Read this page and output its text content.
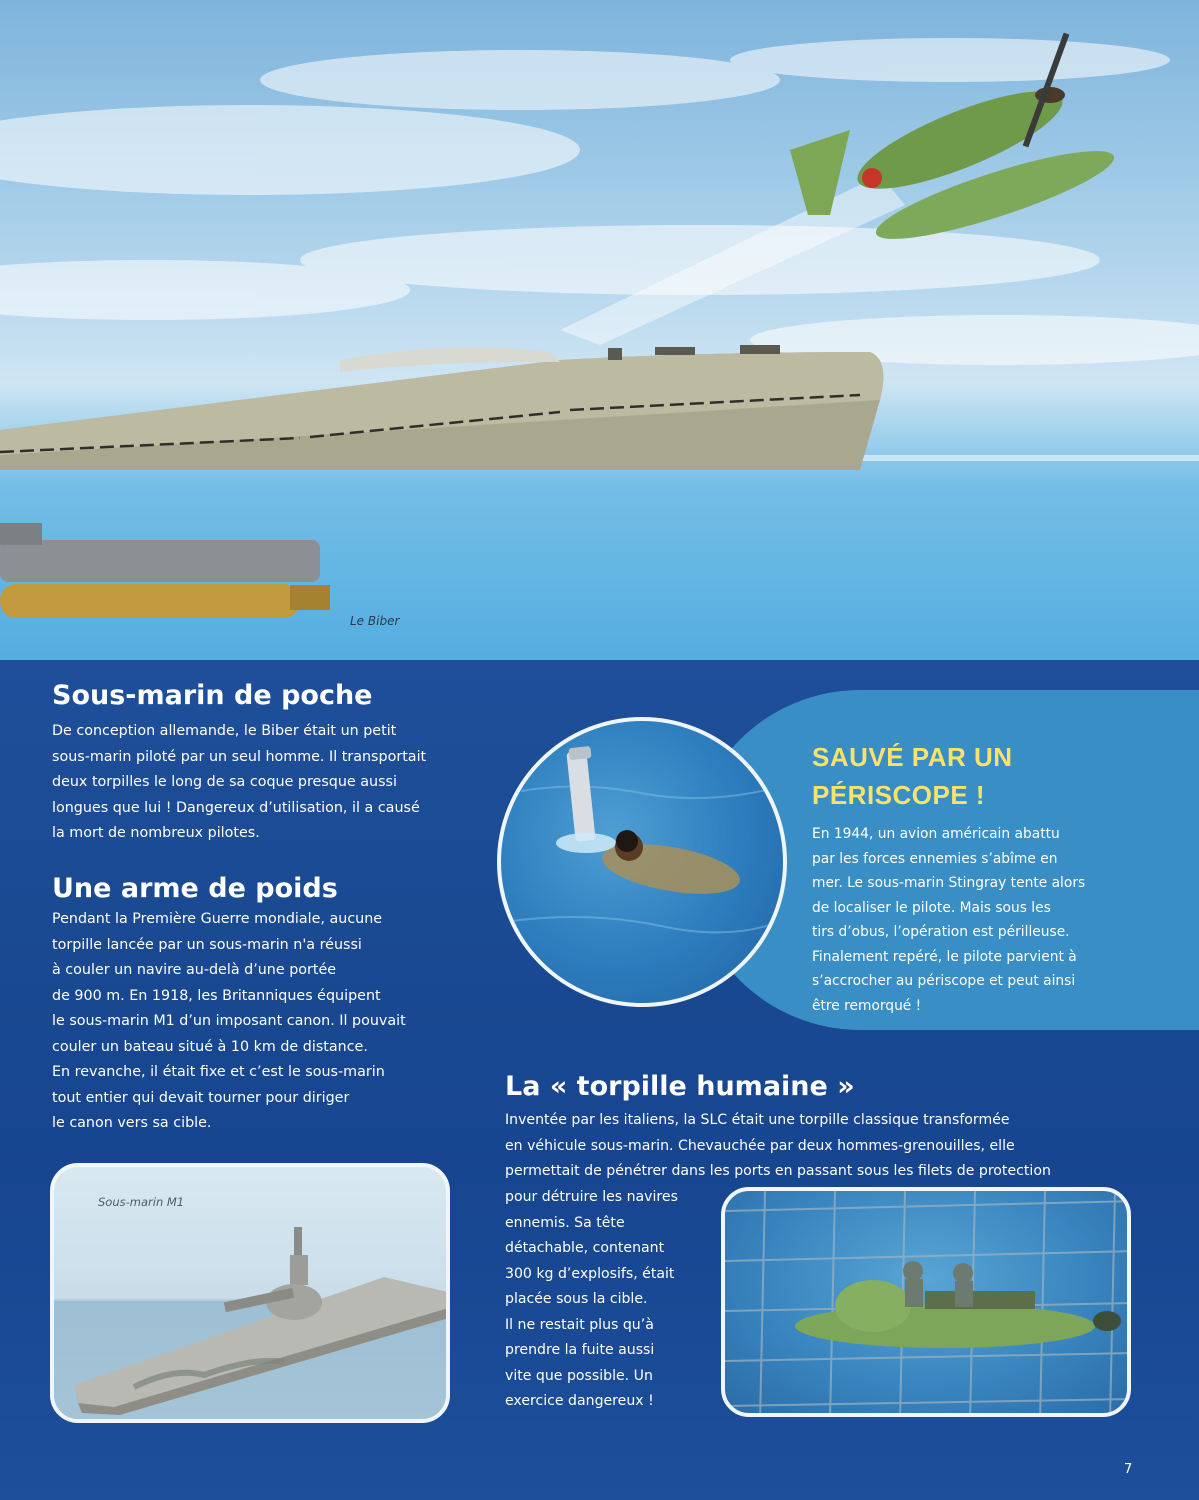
Le Biber
Sous-marin de poche
De conception allemande, le Biber était un petit
sous-marin piloté par un seul homme. Il transportait
deux torpilles le long de sa coque presque aussi
longues que lui ! Dangereux d’utilisation, il a causé
la mort de nombreux pilotes.
Une arme de poids
Pendant la Première Guerre mondiale, aucune
torpille lancée par un sous-marin n'a réussi
à couler un navire au-delà d’une portée
de 900 m. En 1918, les Britanniques équipent
le sous-marin M1 d’un imposant canon. Il pouvait
couler un bateau situé à 10 km de distance.
En revanche, il était fixe et c’est le sous-marin
tout entier qui devait tourner pour diriger
le canon vers sa cible.
Sous-marin M1
SAUVÉ PAR UN
PÉRISCOPE !
En 1944, un avion américain abattu
par les forces ennemies s’abîme en
mer. Le sous-marin Stingray tente alors
de localiser le pilote. Mais sous les
tirs d’obus, l’opération est périlleuse.
Finalement repéré, le pilote parvient à
s’accrocher au périscope et peut ainsi
être remorqué !
La « torpille humaine »
Inventée par les italiens, la SLC était une torpille classique transformée
en véhicule sous-marin. Chevauchée par deux hommes-grenouilles, elle
permettait de pénétrer dans les ports en passant sous les filets de protection
pour détruire les navires
ennemis. Sa tête
détachable, contenant
300 kg d’explosifs, était
placée sous la cible.
Il ne restait plus qu’à
prendre la fuite aussi
vite que possible. Un
exercice dangereux !
7
